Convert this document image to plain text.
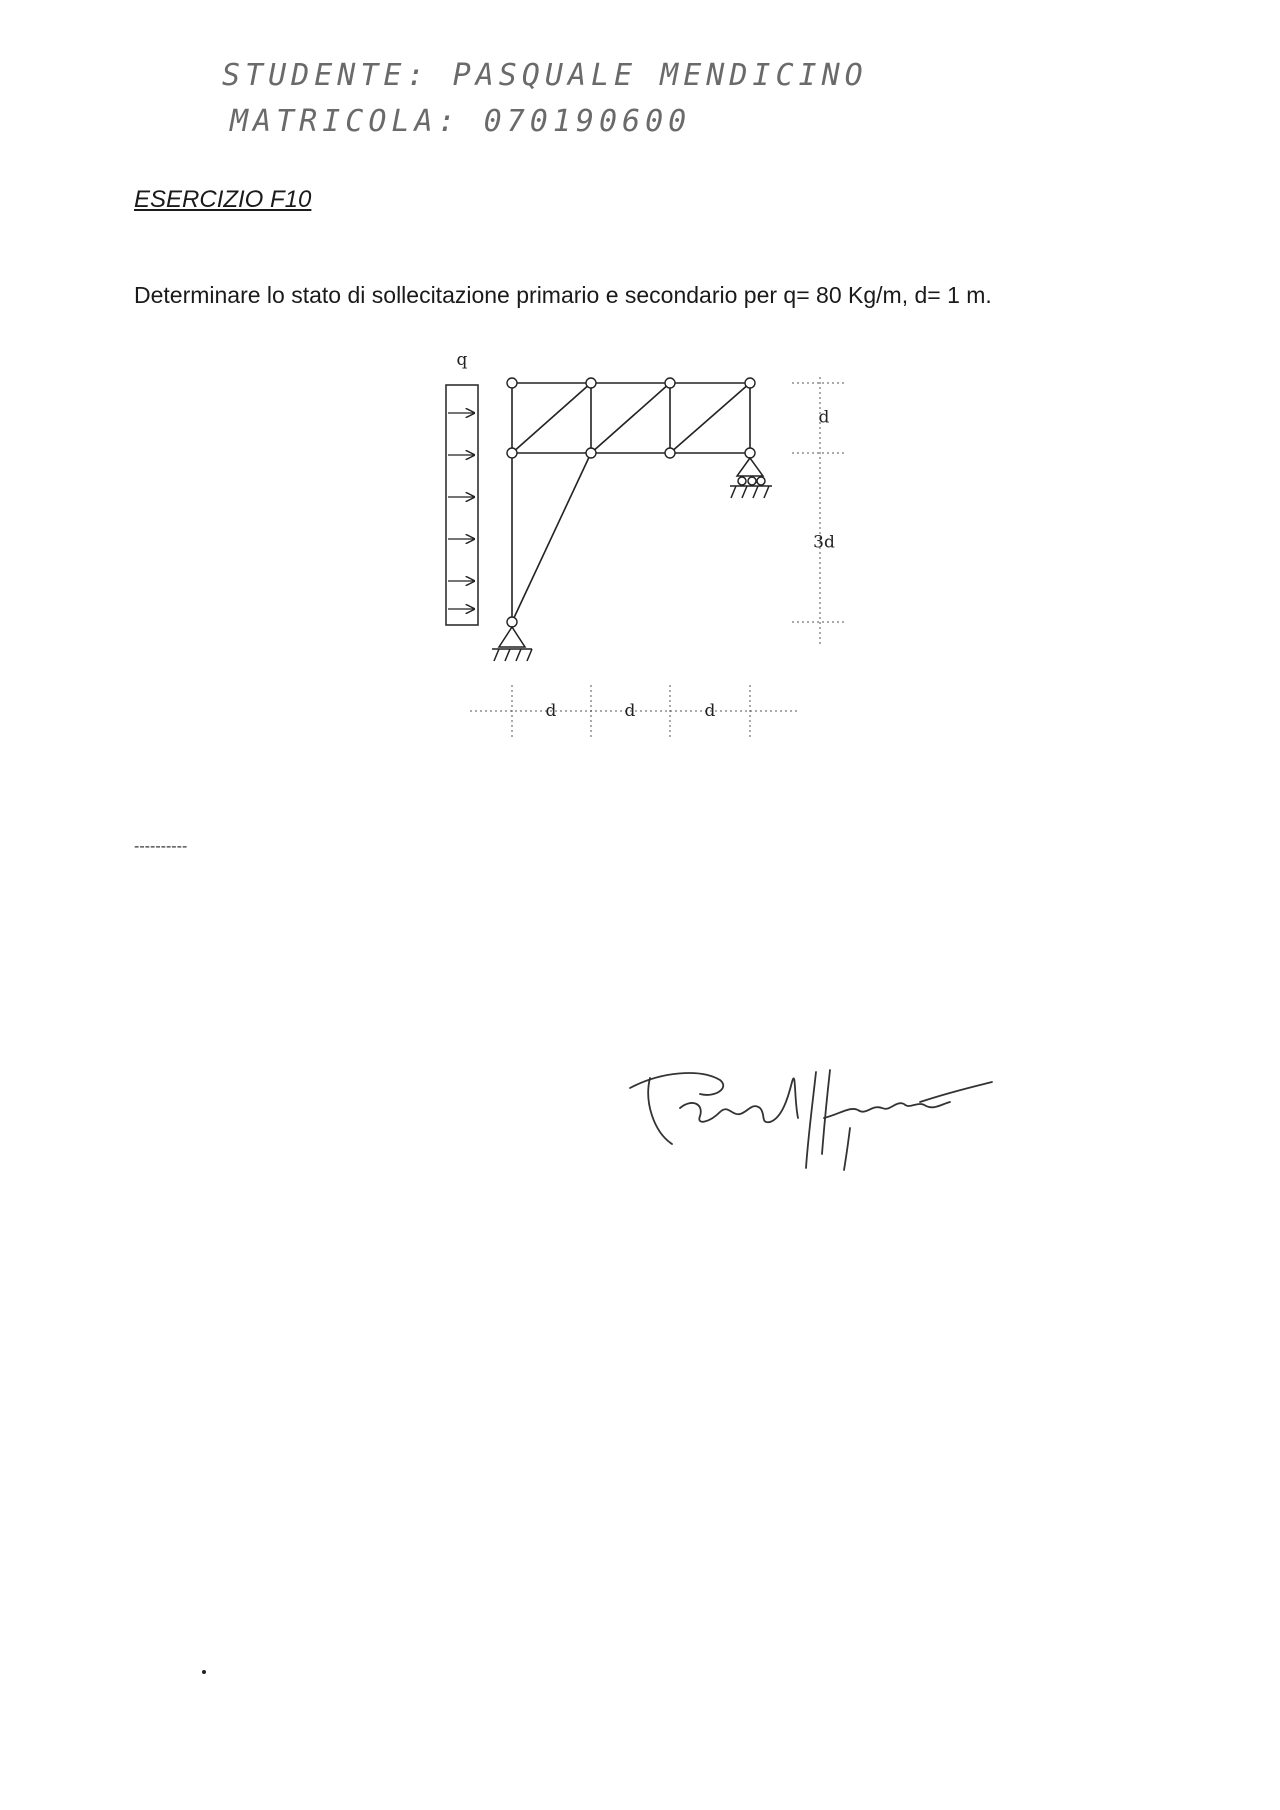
STUDENTE: PASQUALE MENDICINO
MATRICOLA: 070190600
ESERCIZIO F10
Determinare lo stato di sollecitazione primario e secondario per q= 80 Kg/m, d= 1 m.
q
d
3d
d	d	d
----------
